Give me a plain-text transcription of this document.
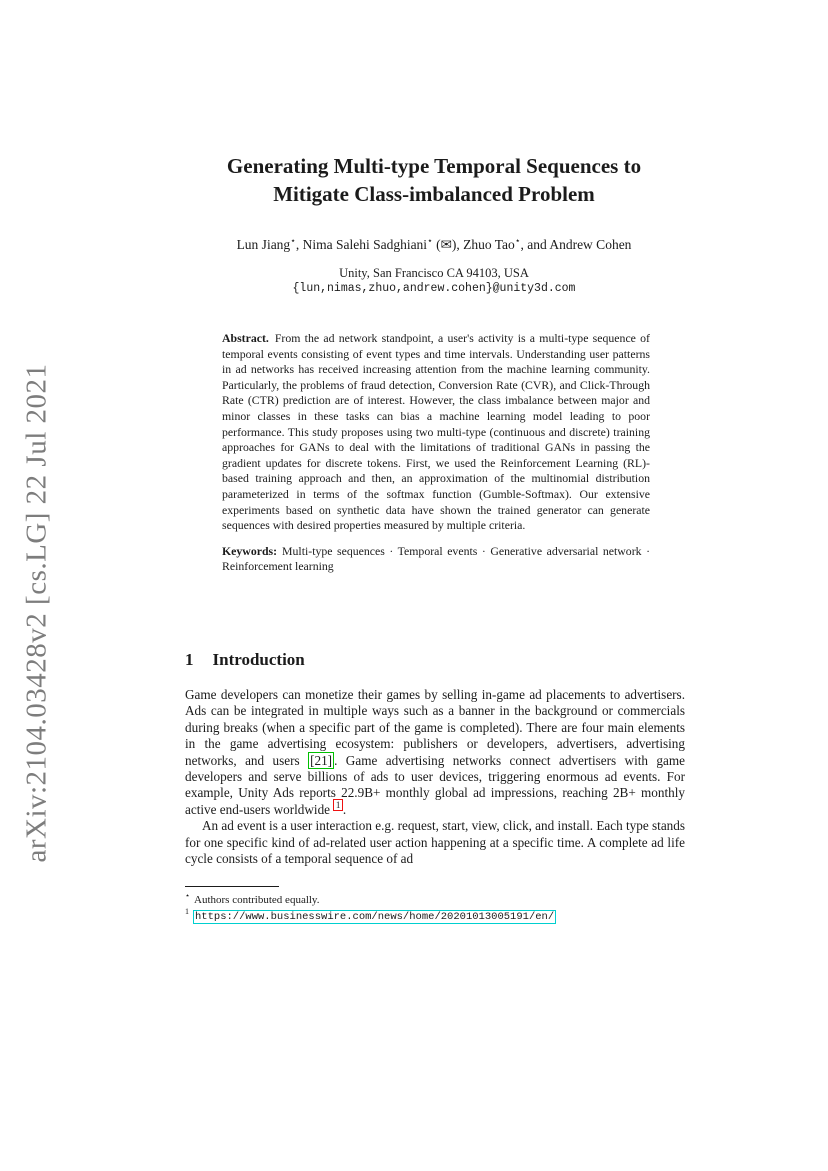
arXiv:2104.03428v2 [cs.LG] 22 Jul 2021
Generating Multi-type Temporal Sequences to
Mitigate Class-imbalanced Problem
Lun Jiang⋆, Nima Salehi Sadghiani⋆ (✉), Zhuo Tao⋆, and Andrew Cohen
Unity, San Francisco CA 94103, USA
{lun,nimas,zhuo,andrew.cohen}@unity3d.com

Abstract. From the ad network standpoint, a user's activity is a multi-type sequence of temporal events consisting of event types and time intervals. Understanding user patterns in ad networks has received increasing attention from the machine learning community. Particularly, the problems of fraud detection, Conversion Rate (CVR), and Click-Through Rate (CTR) prediction are of interest. However, the class imbalance between major and minor classes in these tasks can bias a machine learning model leading to poor performance. This study proposes using two multi-type (continuous and discrete) training approaches for GANs to deal with the limitations of traditional GANs in passing the gradient updates for discrete tokens. First, we used the Reinforcement Learning (RL)-based training approach and then, an approximation of the multinomial distribution parameterized in terms of the softmax function (Gumble-Softmax). Our extensive experiments based on synthetic data have shown the trained generator can generate sequences with desired properties measured by multiple criteria.

Keywords: Multi-type sequences · Temporal events · Generative adversarial network · Reinforcement learning

1 Introduction

Game developers can monetize their games by selling in-game ad placements to advertisers. Ads can be integrated in multiple ways such as a banner in the background or commercials during breaks (when a specific part of the game is completed). There are four main elements in the game advertising ecosystem: publishers or developers, advertisers, advertising networks, and users [21] . Game advertising networks connect advertisers with game developers and serve billions of ads to user devices, triggering enormous ad events. For example, Unity Ads reports 22.9B+ monthly global ad impressions, reaching 2B+ monthly active end-users worldwide $^1$ .

An ad event is a user interaction e.g. request, start, view, click, and install. Each type stands for one specific kind of ad-related user action happening at a specific time. A complete ad life cycle consists of a temporal sequence of ad

⋆ Authors contributed equally.

$^1$ https://www.businesswire.com/news/home/20201013005191/en/
